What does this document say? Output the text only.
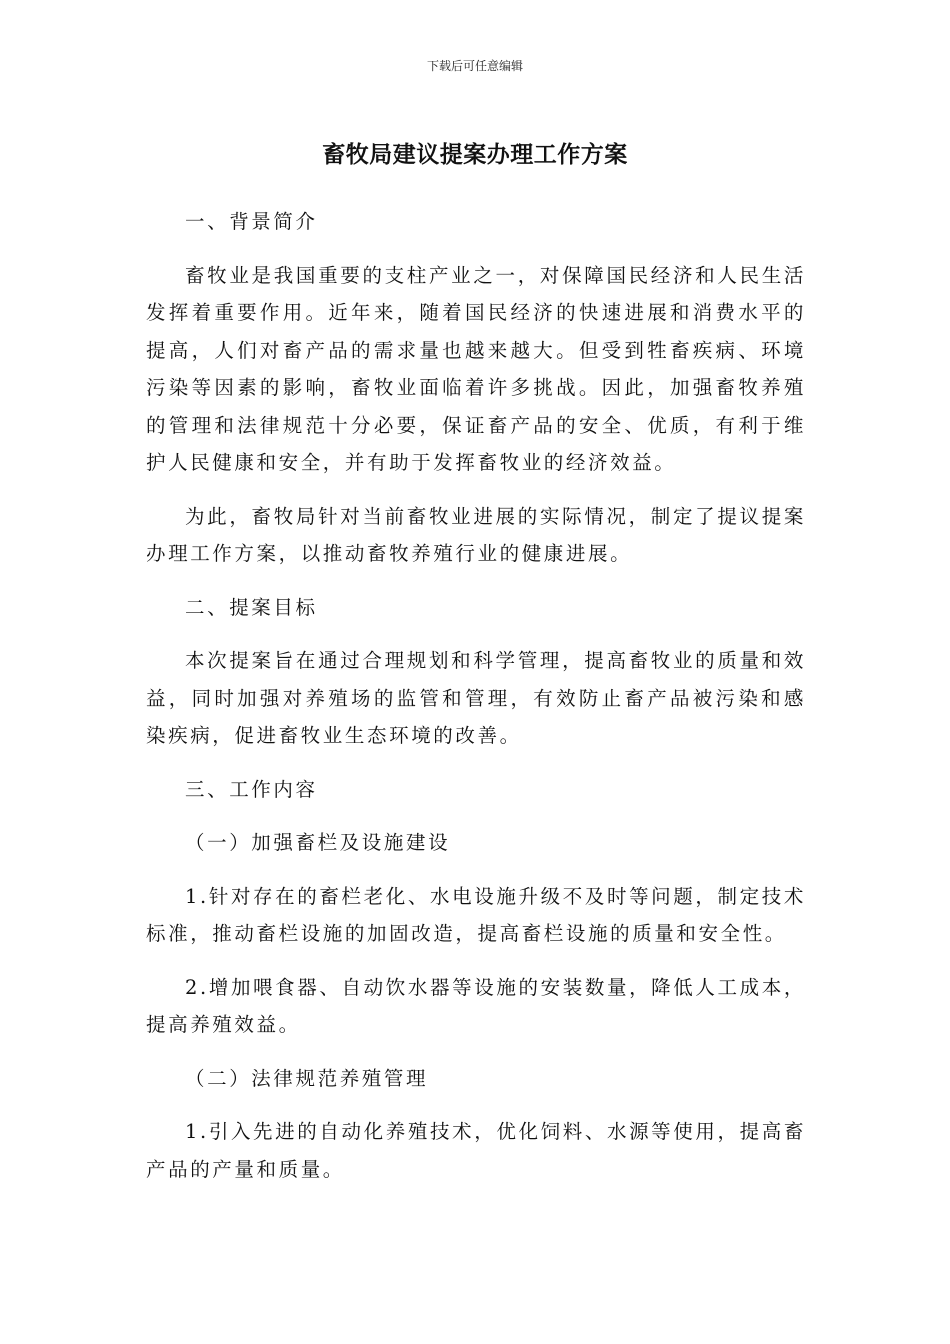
下载后可任意编辑
畜牧局建议提案办理工作方案

一、背景简介

畜牧业是我国重要的支柱产业之一，对保障国民经济和人民生活发挥着重要作用。近年来，随着国民经济的快速进展和消费水平的提高，人们对畜产品的需求量也越来越大。但受到牲畜疾病、环境污染等因素的影响，畜牧业面临着许多挑战。因此，加强畜牧养殖的管理和法律规范十分必要，保证畜产品的安全、优质，有利于维护人民健康和安全，并有助于发挥畜牧业的经济效益。

为此，畜牧局针对当前畜牧业进展的实际情况，制定了提议提案办理工作方案，以推动畜牧养殖行业的健康进展。

二、提案目标

本次提案旨在通过合理规划和科学管理，提高畜牧业的质量和效益，同时加强对养殖场的监管和管理，有效防止畜产品被污染和感染疾病，促进畜牧业生态环境的改善。

三、工作内容

（一）加强畜栏及设施建设

1.针对存在的畜栏老化、水电设施升级不及时等问题，制定技术标准，推动畜栏设施的加固改造，提高畜栏设施的质量和安全性。

2.增加喂食器、自动饮水器等设施的安装数量，降低人工成本，提高养殖效益。

（二）法律规范养殖管理

1.引入先进的自动化养殖技术，优化饲料、水源等使用，提高畜产品的产量和质量。
